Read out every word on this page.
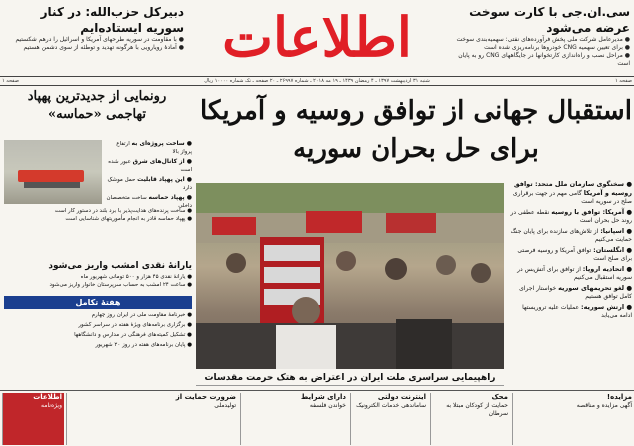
سی.ان.جی با کارت سوخت عرضه می‌شود
● مدیرعامل شرکت ملی پخش فرآورده‌های نفتی: سهمیه‌بندی سوخت
● برای تعیین سهمیه CNG خودروها برنامه‌ریزی شده است
● مراحل نصب و راه‌اندازی کارتخوانها در جایگاههای CNG رو به پایان است
اطلاعات
دبیرکل حزب‌الله: در کنار سوریه ایستاده‌ایم
● با مقاومت در سوریه طرحهای آمریکا و اسرائیل را درهم شکستیم
● آمادهٔ رویارویی با هرگونه تهدید و توطئه از سوی دشمن هستیم
صفحه ۱
شنبه ۳۱ اردیبهشت ۱۳۹۷ ـ ۴ رمضان ۱۴۳۹ ـ ۱۹ مه ۲۰۱۸ ـ شماره ۲۶۹۹۷ ـ ۲۰ صفحه ـ تک شماره ۱۰۰۰۰ ریال
صفحه ۱
استقبال جهانی از توافق روسیه و آمریکا
برای حل بحران سوریه
راهپیمایی سراسری ملت ایران در اعتراض به هتک حرمت مقدسات
● سخنگوی سازمان ملل متحد: توافق روسیه و آمریکا گامی مهم در جهت برقراری صلح در سوریه است
● آمریکا: توافق با روسیه نقطه عطفی در روند حل بحران است
● اسپانیا: از تلاش‌های سازنده برای پایان جنگ حمایت می‌کنیم
● انگلستان: توافق آمریکا و روسیه فرصتی برای صلح است
● اتحادیه اروپا: از توافق برای آتش‌بس در سوریه استقبال می‌کنیم
● لغو تحریمهای سوریه خواستار اجرای کامل توافق هستیم
● ارتش سوریه: عملیات علیه تروریستها ادامه می‌یابد
رونمایی از جدیدترین پهپاد
تهاجمی «حماسه»
● ساخت پروژه‌ای به ارتفاع پرواز بالا
● از کانال‌های شرق عبور شده است
● این پهپاد قابلیت حمل موشک دارد
● پهپاد حماسه ساخت متخصصان داخلی
● ساخت پرنده‌های هدایت‌پذیر با برد بلند در دستور کار است
● پهپاد حماسه قادر به انجام مأموریتهای شناسایی است
یارانهٔ نقدی امشب واریز می‌شود
● یارانهٔ نقدی ۴۵ هزار و ۵۰۰ تومانی شهریور ماه
● ساعت ۲۴ امشب به حساب سرپرستان خانوار واریز می‌شود
هفتهٔ تکامل
● خبرنامهٔ مقاومت ملی در ایران روز چهارم
● برگزاری برنامه‌های ویژهٔ هفته در سراسر کشور
● تشکیل کمیته‌های فرهنگی در مدارس و دانشگاهها
● پایان برنامه‌های هفته در روز ۲۰ شهریور
مزایده!
آگهی مزایده و مناقصه
محک
حمایت از کودکان مبتلا به سرطان
اینترنت دولتی
ساماندهی خدمات الکترونیک
دارای شرایط
خواندن فلسفه
ضرورت حمایت از
تولیدملی
اطلاعات
ویژه‌نامه
